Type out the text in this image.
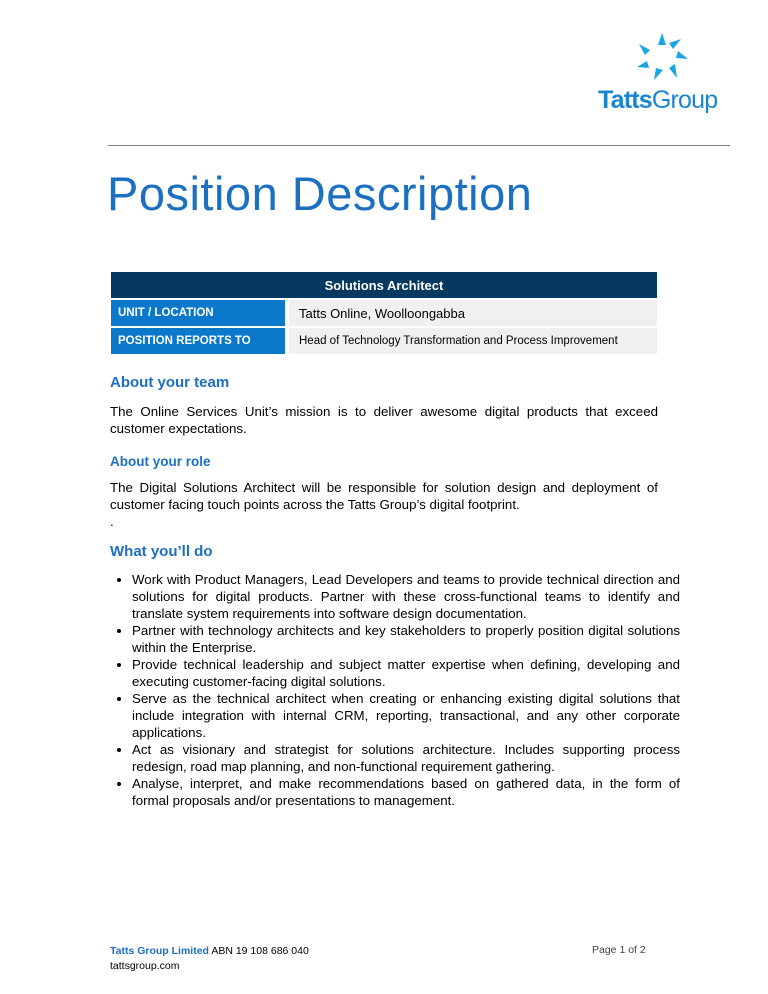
TattsGroup
Position Description
Solutions Architect	
UNIT / LOCATION	Tatts Online, Woolloongabba
POSITION REPORTS TO	Head of Technology Transformation and Process Improvement
About your team
The Online Services Unit’s mission is to deliver awesome digital products that exceed customer expectations.
About your role
The Digital Solutions Architect will be responsible for solution design and deployment of customer facing touch points across the Tatts Group’s digital footprint.
.
What you’ll do
• Work with Product Managers, Lead Developers and teams to provide technical direction and solutions for digital products. Partner with these cross-functional teams to identify and translate system requirements into software design documentation.
• Partner with technology architects and key stakeholders to properly position digital solutions within the Enterprise.
• Provide technical leadership and subject matter expertise when defining, developing and executing customer-facing digital solutions.
• Serve as the technical architect when creating or enhancing existing digital solutions that include integration with internal CRM, reporting, transactional, and any other corporate applications.
• Act as visionary and strategist for solutions architecture. Includes supporting process redesign, road map planning, and non-functional requirement gathering.
• Analyse, interpret, and make recommendations based on gathered data, in the form of formal proposals and/or presentations to management.
Tatts Group Limited ABN 19 108 686 040
tattsgroup.com
Page 1 of 2
